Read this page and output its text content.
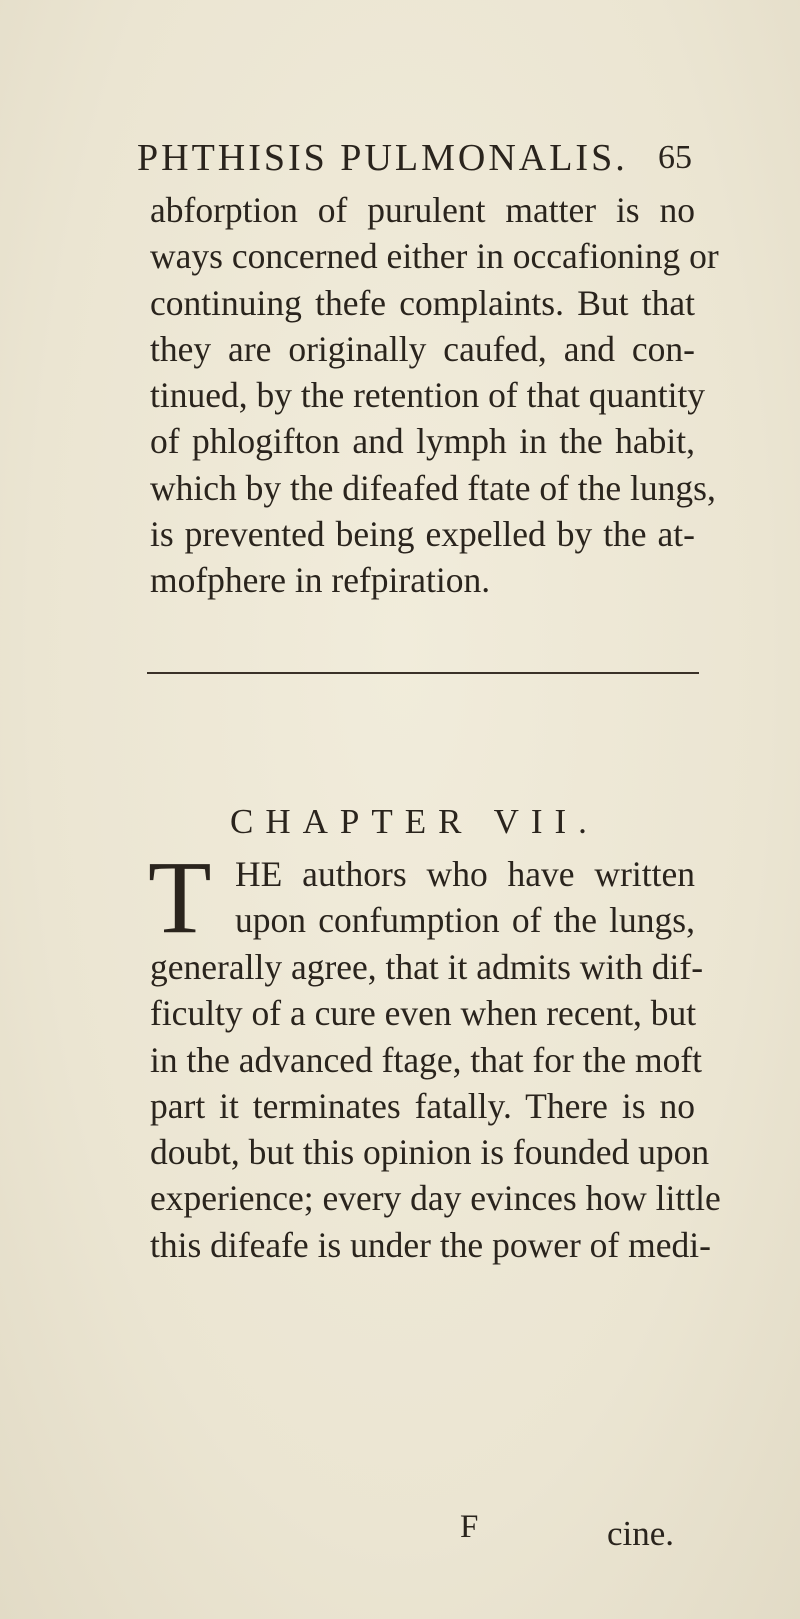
PHTHISIS PULMONALIS. 65

abforption of purulent matter is no
ways concerned either in occafioning or
continuing thefe complaints. But that
they are originally caufed, and con-
tinued, by the retention of that quantity
of phlogifton and lymph in the habit,
which by the difeafed ftate of the lungs,
is prevented being expelled by the at-
mofphere in refpiration.

CHAPTER VII.
T HE authors who have written
upon confumption of the lungs,

generally agree, that it admits with dif-
ficulty of a cure even when recent, but
in the advanced ftage, that for the moft
part it terminates fatally. There is no
doubt, but this opinion is founded upon
experience; every day evinces how little
this difeafe is under the power of medi-

F	cine.
